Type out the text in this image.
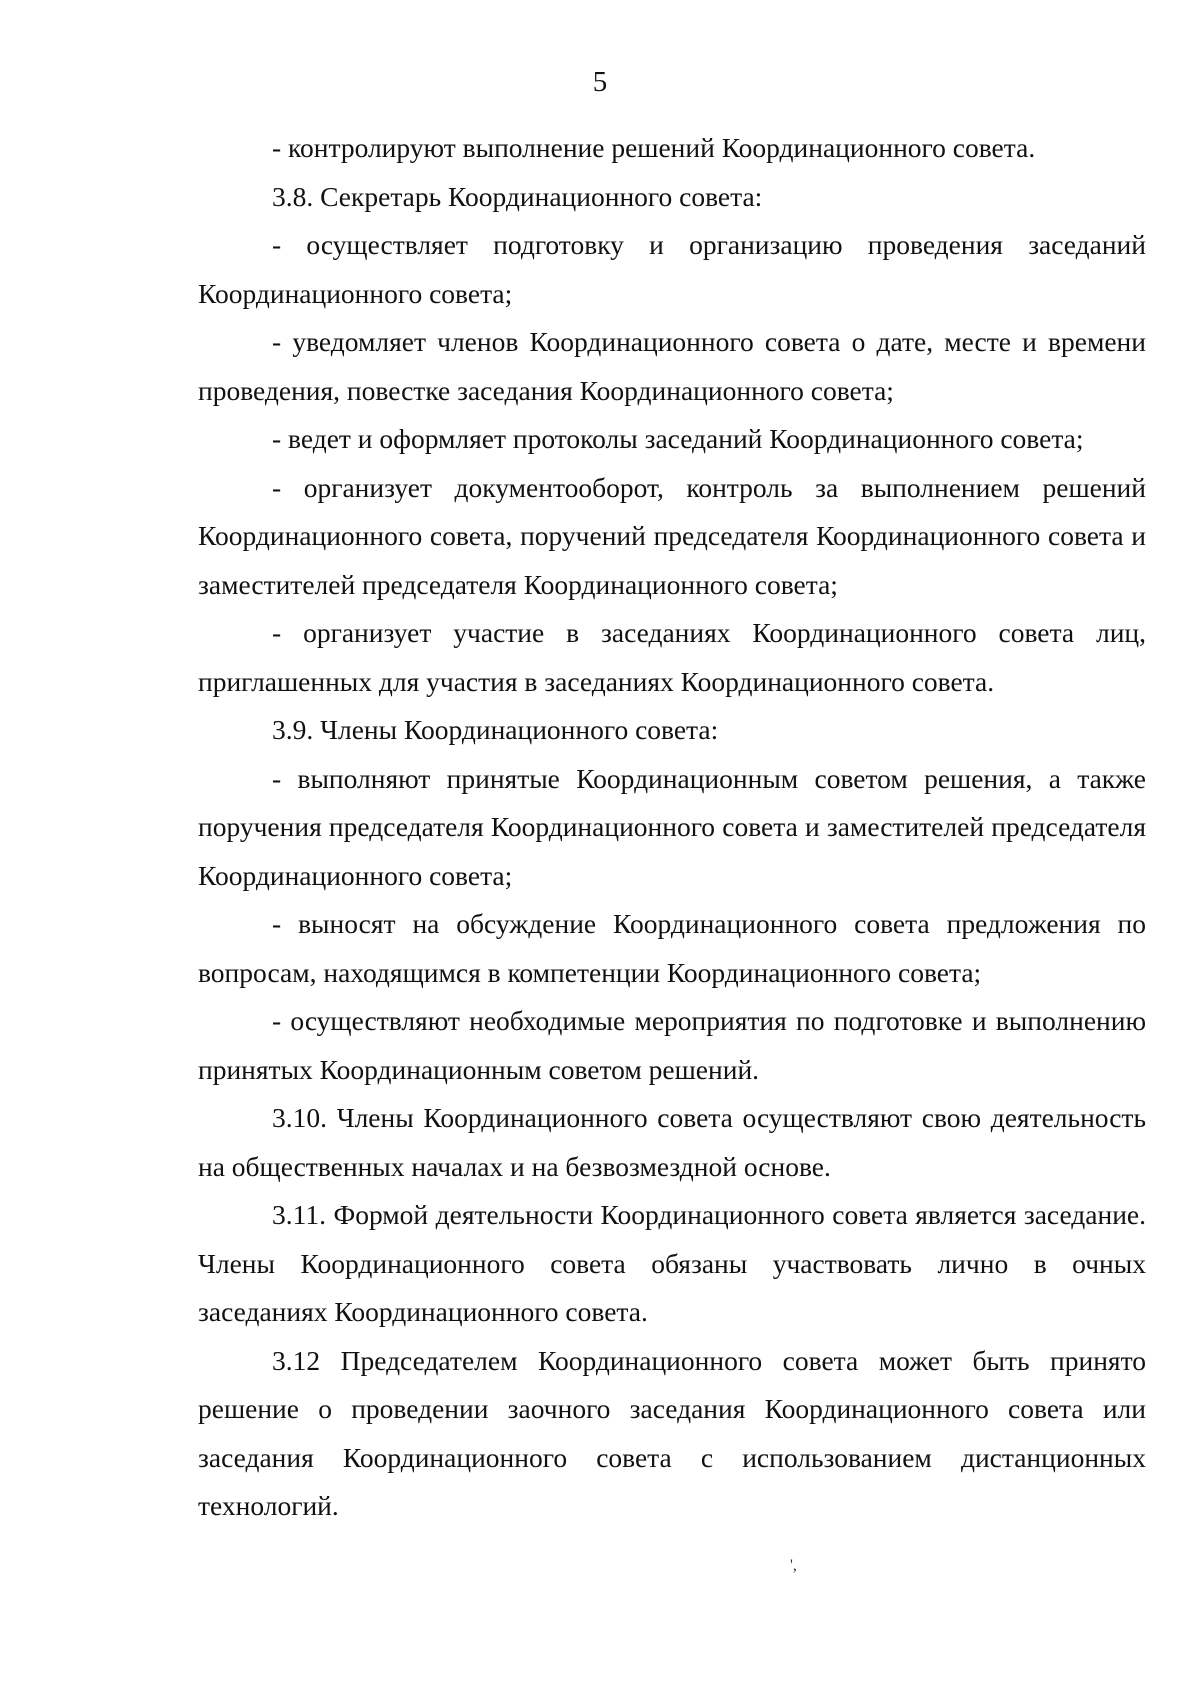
5

- контролируют выполнение решений Координационного совета.

3.8. Секретарь Координационного совета:

- осуществляет подготовку и организацию проведения заседаний Координационного совета;

- уведомляет членов Координационного совета о дате, месте и времени проведения, повестке заседания Координационного совета;

- ведет и оформляет протоколы заседаний Координационного совета;

- организует документооборот, контроль за выполнением решений Координационного совета, поручений председателя Координационного совета и заместителей председателя Координационного совета;

- организует участие в заседаниях Координационного совета лиц, приглашенных для участия в заседаниях Координационного совета.

3.9. Члены Координационного совета:

- выполняют принятые Координационным советом решения, а также поручения председателя Координационного совета и заместителей председателя Координационного совета;

- выносят на обсуждение Координационного совета предложения по вопросам, находящимся в компетенции Координационного совета;

- осуществляют необходимые мероприятия по подготовке и выполнению принятых Координационным советом решений.

3.10. Члены Координационного совета осуществляют свою деятельность на общественных началах и на безвозмездной основе.

3.11. Формой деятельности Координационного совета является заседание. Члены Координационного совета обязаны участвовать лично в очных заседаниях Координационного совета.

3.12 Председателем Координационного совета может быть принято решение о проведении заочного заседания Координационного совета или заседания Координационного совета с использованием дистанционных технологий.

',
